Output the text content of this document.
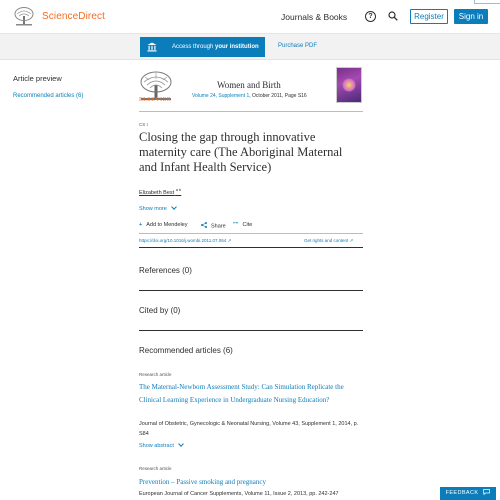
ScienceDirect	Journals & Books	?	Register	Sign in
Access through your institution	Purchase PDF
Article preview
Recommended articles (6)
ELSEVIER
Women and Birth
Volume 24, Supplement 1, October 2011, Page S16
CS I
Closing the gap through innovative maternity care (The Aboriginal Maternal and Infant Health Service)
Elizabeth Best $^{a b}$
Show more
+ Add to Mendeley	Share ”” Cite
https://doi.org/10.1016/j.wombi.2011.07.064 ↗	Get rights and content ↗
References (0)
Cited by (0)
Recommended articles (6)
Research article
The Maternal-Newborn Assessment Study: Can Simulation Replicate the Clinical Learning Experience in Undergraduate Nursing Education?
Journal of Obstetric, Gynecologic & Neonatal Nursing, Volume 43, Supplement 1, 2014, p. S84
Show abstract
Research article
Prevention – Passive smoking and pregnancy
European Journal of Cancer Supplements, Volume 11, Issue 2, 2013, pp. 242-247	FEEDBACK
